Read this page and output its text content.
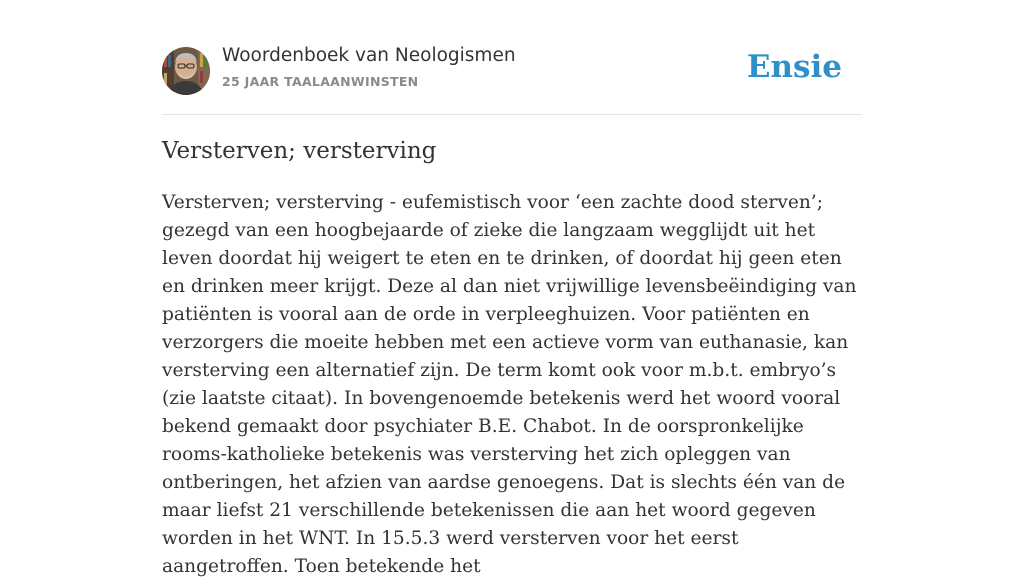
Woordenboek van Neologismen
25 JAAR TAALAANWINSTEN	Ensie
Versterven; versterving

Versterven; versterving - eufemistisch voor ‘een zachte dood sterven’; gezegd van een hoogbejaarde of zieke die langzaam wegglijdt uit het leven doordat hij weigert te eten en te drinken, of doordat hij geen eten en drinken meer krijgt. Deze al dan niet vrijwillige levensbeëindiging van patiënten is vooral aan de orde in verpleeghuizen. Voor patiënten en verzorgers die moeite hebben met een actieve vorm van euthanasie, kan versterving een alternatief zijn. De term komt ook voor m.b.t. embryo’s (zie laatste citaat). In bovengenoemde betekenis werd het woord vooral bekend gemaakt door psychiater B.E. Chabot. In de oorspronkelijke rooms-katholieke betekenis was versterving het zich opleggen van ontberingen, het afzien van aardse genoegens. Dat is slechts één van de maar liefst 21 verschillende betekenissen die aan het woord gegeven worden in het WNT. In 15.5.3 werd versterven voor het eerst aangetroffen. Toen betekende het
